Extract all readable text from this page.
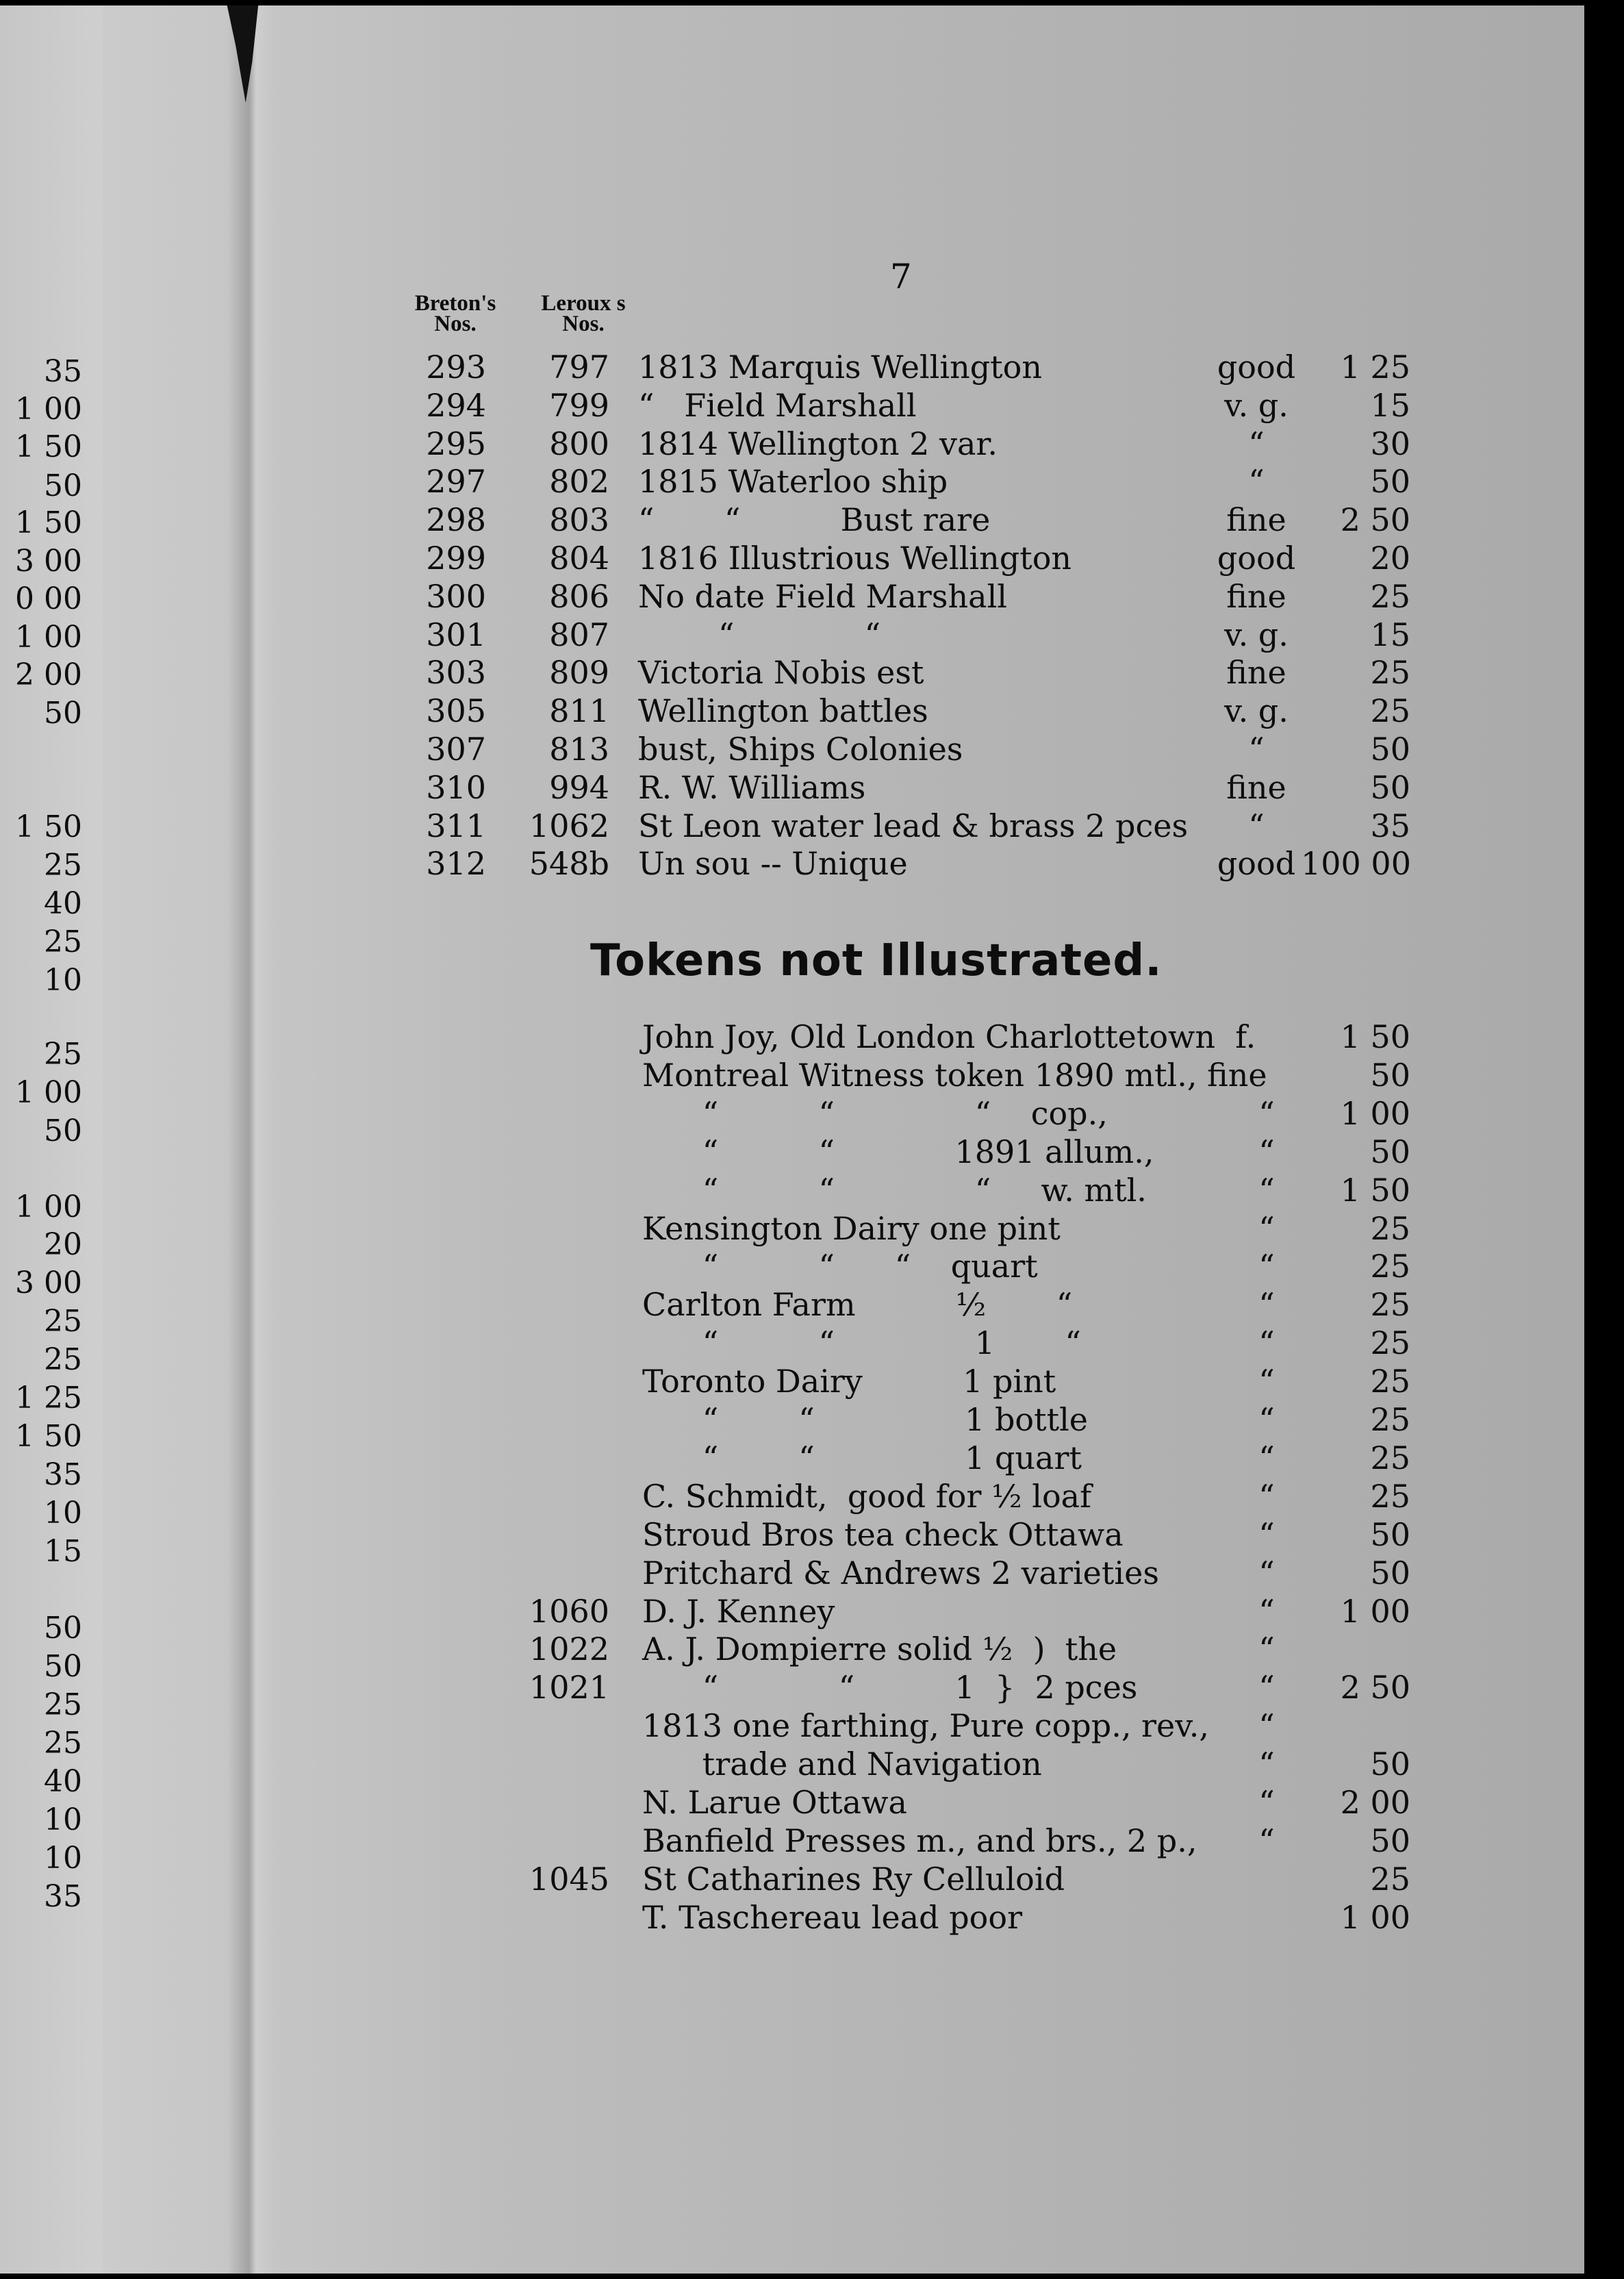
7
Breton's
Nos.
Leroux s
Nos.
35
1 00
1 50
50
1 50
3 00
0 00
1 00
2 00
50
1 50
25
40
25
10
25
1 00
50
1 00
20
3 00
25
25
1 25
1 50
35
10
15
50
50
25
25
40
10
10
35
293	797 1813 Marquis Wellington	good	1 25
294	799 “   Field Marshall	v. g.	15
295	800 1814 Wellington 2 var.	“	30
297	802 1815 Waterloo ship	“	50
298	803 “       “          Bust rare	fine	2 50
299	804 1816 Illustrious Wellington	good	20
300	806 No date Field Marshall	fine	25
301	807 “             “	v. g.	15
303	809 Victoria Nobis est	fine	25
305	811 Wellington battles	v. g.	25
307	813 bust, Ships Colonies	“	50
310	994 R. W. Williams	fine	50
311	1062 St Leon water lead & brass 2 pces	“	35
312	548b Un sou -- Unique	good 100 00
Tokens not Illustrated.
John Joy, Old London Charlottetown  f.	1 50
Montreal Witness token 1890 mtl., fine	50
“          “              “    cop.,	“	1 00
“          “            1891 allum.,	“	50
“          “              “     w. mtl.	“	1 50
Kensington Dairy one pint	“	25
“          “      “    quart	“	25
Carlton Farm          ½       “	“	25
“          “              1       “	“	25
Toronto Dairy          1 pint	“	25
“        “               1 bottle	“	25
“        “               1 quart	“	25
C. Schmidt,  good for ½ loaf	“	25
Stroud Bros tea check Ottawa	“	50
Pritchard & Andrews 2 varieties	“	50
1060 D. J. Kenney	“	1 00
1022 A. J. Dompierre solid ½  )  the	“
1021 “            “          1  }  2 pces	“	2 50
1813 one farthing, Pure copp., rev.,	“
trade and Navigation	“	50
N. Larue Ottawa	“	2 00
Banfield Presses m., and brs., 2 p.,	“	50
1045 St Catharines Ry Celluloid	25
T. Taschereau lead poor	1 00
